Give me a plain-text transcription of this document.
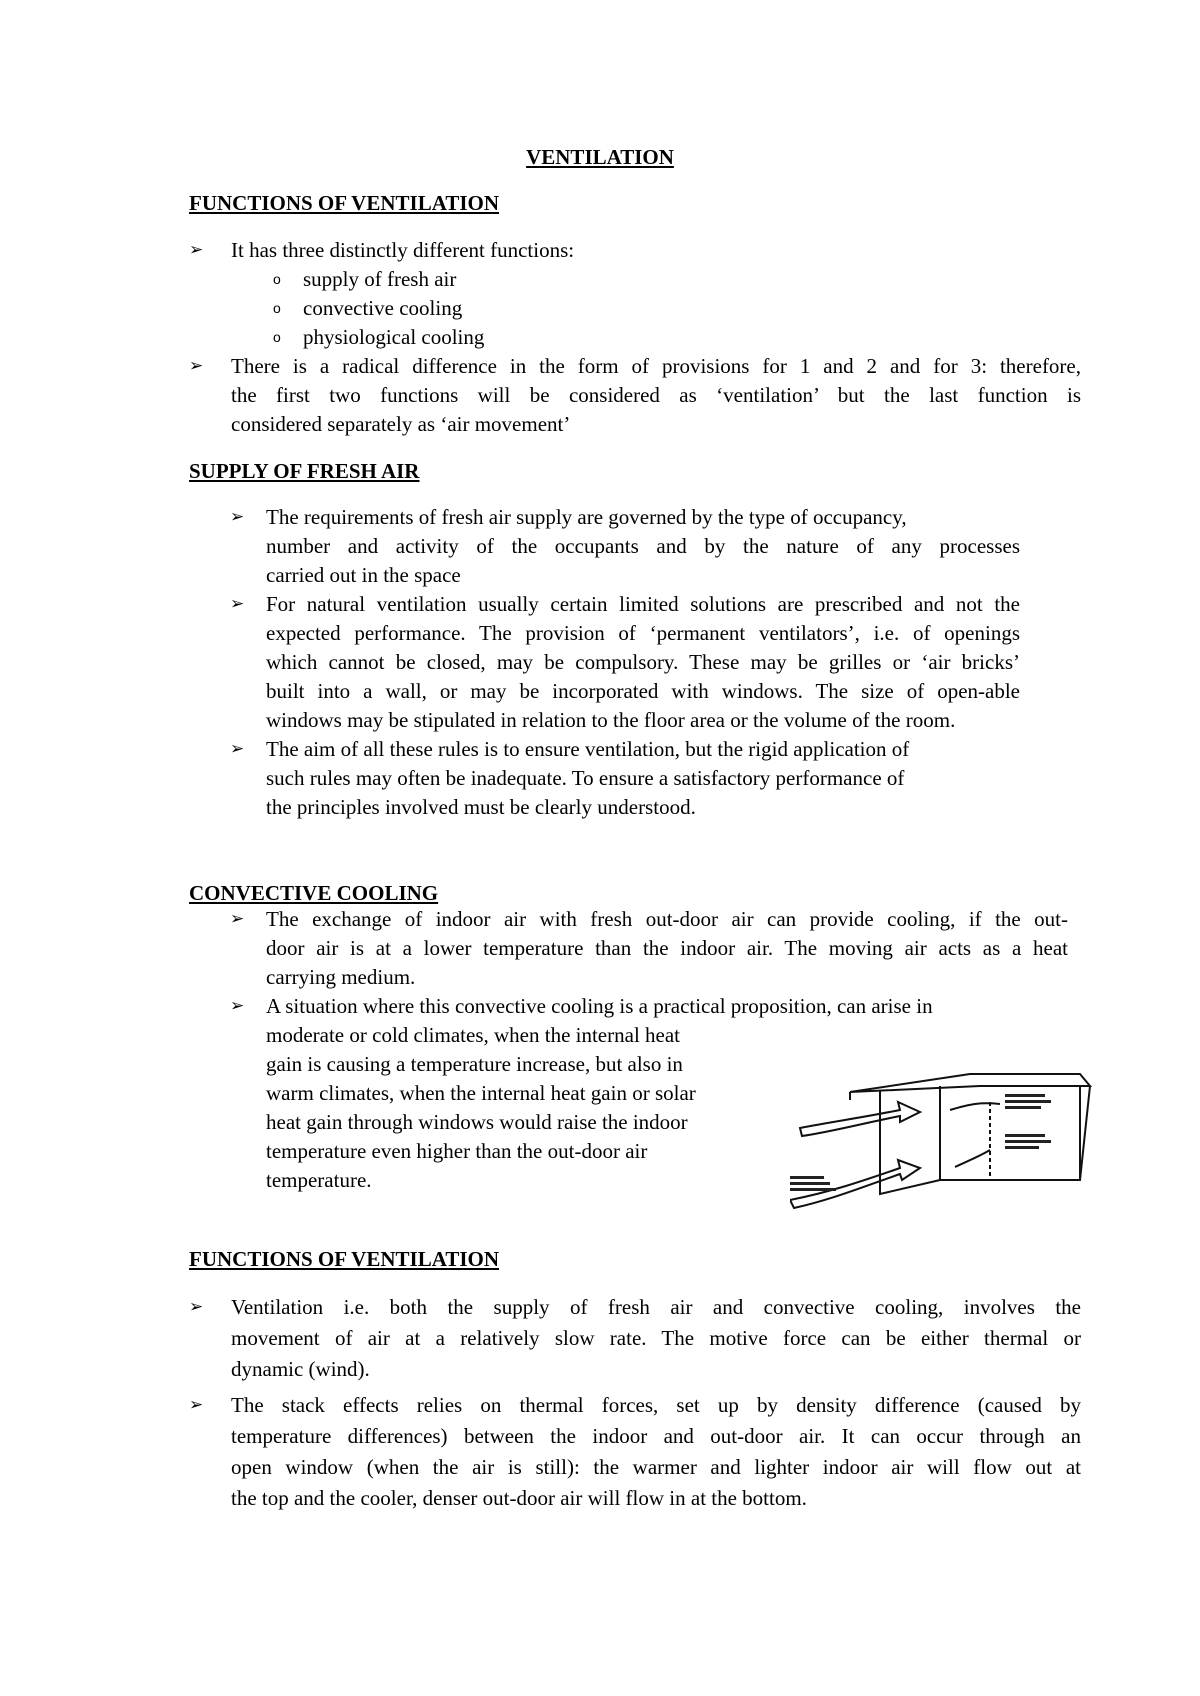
VENTILATION
FUNCTIONS OF VENTILATION
➢	It has three distinctly different functions:
o supply of fresh air
o convective cooling
o physiological cooling
➢	There is a radical difference in the form of provisions for 1 and 2 and for 3: therefore,
the first two functions will be considered as ‘ventilation’ but the last function is
considered separately as ‘air movement’
SUPPLY OF FRESH AIR
➢	The requirements of fresh air supply are governed by the type of occupancy,
number and activity of the occupants and by the nature of any processes
carried out in the space
➢	For natural ventilation usually certain limited solutions are prescribed and not the
expected performance. The provision of ‘permanent ventilators’, i.e. of openings
which cannot be closed, may be compulsory. These may be grilles or ‘air bricks’
built into a wall, or may be incorporated with windows. The size of open-able
windows may be stipulated in relation to the floor area or the volume of the room.
➢	The aim of all these rules is to ensure ventilation, but the rigid application of
such rules may often be inadequate. To ensure a satisfactory performance of
the principles involved must be clearly understood.
CONVECTIVE COOLING
➢	The exchange of indoor air with fresh out-door air can provide cooling, if the out-
door air is at a lower temperature than the indoor air. The moving air acts as a heat
carrying medium.
➢	A situation where this convective cooling is a practical proposition, can arise in
moderate or cold climates, when the internal heat
gain is causing a temperature increase, but also in
warm climates, when the internal heat gain or solar
heat gain through windows would raise the indoor
temperature even higher than the out-door air
temperature.
FUNCTIONS OF VENTILATION
➢	Ventilation i.e. both the supply of fresh air and convective cooling, involves the
movement of air at a relatively slow rate. The motive force can be either thermal or
dynamic (wind).
➢	The stack effects relies on thermal forces, set up by density difference (caused by
temperature differences) between the indoor and out-door air. It can occur through an
open window (when the air is still): the warmer and lighter indoor air will flow out at
the top and the cooler, denser out-door air will flow in at the bottom.
